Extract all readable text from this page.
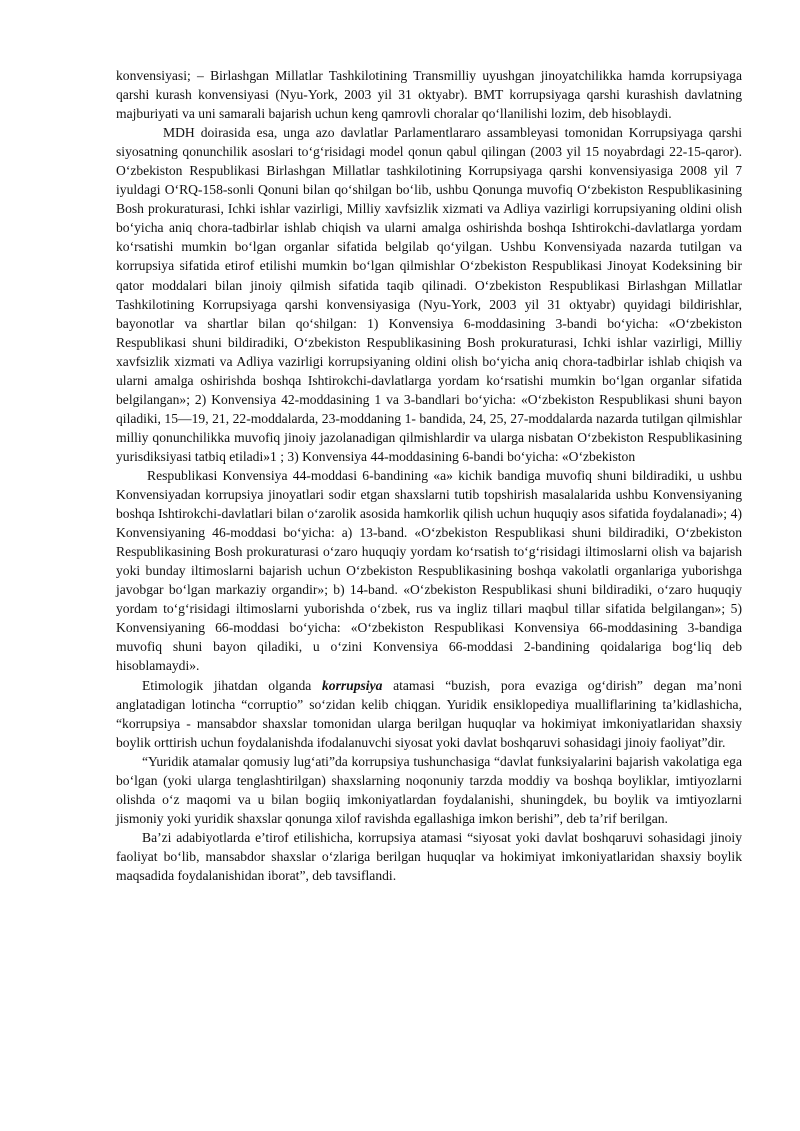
konvensiyasi; – Birlashgan Millatlar Tashkilotining Transmilliy uyushgan jinoyatchilikka hamda korrupsiyaga qarshi kurash konvensiyasi (Nyu-York, 2003 yil 31 oktyabr). BMT korrupsiyaga qarshi kurashish davlatning majburiyati va uni samarali bajarish uchun keng qamrovli choralar qo‘llanilishi lozim, deb hisoblaydi.

MDH doirasida esa, unga azo davlatlar Parlamentlararo assambleyasi tomonidan Korrupsiyaga qarshi siyosatning qonunchilik asoslari to‘g‘risidagi model qonun qabul qilingan (2003 yil 15 noyabrdagi 22-15-qaror). O‘zbekiston Respublikasi Birlashgan Millatlar tashkilotining Korrupsiyaga qarshi konvensiyasiga 2008 yil 7 iyuldagi O‘RQ-158-sonli Qonuni bilan qo‘shilgan bo‘lib, ushbu Qonunga muvofiq O‘zbekiston Respublikasining Bosh prokuraturasi, Ichki ishlar vazirligi, Milliy xavfsizlik xizmati va Adliya vazirligi korrupsiyaning oldini olish bo‘yicha aniq chora-tadbirlar ishlab chiqish va ularni amalga oshirishda boshqa Ishtirokchi-davlatlarga yordam ko‘rsatishi mumkin bo‘lgan organlar sifatida belgilab qo‘yilgan. Ushbu Konvensiyada nazarda tutilgan va korrupsiya sifatida etirof etilishi mumkin bo‘lgan qilmishlar O‘zbekiston Respublikasi Jinoyat Kodeksining bir qator moddalari bilan jinoiy qilmish sifatida taqib qilinadi. O‘zbekiston Respublikasi Birlashgan Millatlar Tashkilotining Korrupsiyaga qarshi konvensiyasiga (Nyu-York, 2003 yil 31 oktyabr) quyidagi bildirishlar, bayonotlar va shartlar bilan qo‘shilgan: 1) Konvensiya 6-moddasining 3-bandi bo‘yicha: «O‘zbekiston Respublikasi shuni bildiradiki, O‘zbekiston Respublikasining Bosh prokuraturasi, Ichki ishlar vazirligi, Milliy xavfsizlik xizmati va Adliya vazirligi korrupsiyaning oldini olish bo‘yicha aniq chora-tadbirlar ishlab chiqish va ularni amalga oshirishda boshqa Ishtirokchi-davlatlarga yordam ko‘rsatishi mumkin bo‘lgan organlar sifatida belgilangan»; 2) Konvensiya 42-moddasining 1 va 3-bandlari bo‘yicha: «O‘zbekiston Respublikasi shuni bayon qiladiki, 15—19, 21, 22-moddalarda, 23-moddaning 1- bandida, 24, 25, 27-moddalarda nazarda tutilgan qilmishlar milliy qonunchilikka muvofiq jinoiy jazolanadigan qilmishlardir va ularga nisbatan O‘zbekiston Respublikasining yurisdiksiyasi tatbiq etiladi»1 ; 3) Konvensiya 44-moddasining 6-bandi bo‘yicha: «O‘zbekiston

Respublikasi Konvensiya 44-moddasi 6-bandining «a» kichik bandiga muvofiq shuni bildiradiki, u ushbu Konvensiyadan korrupsiya jinoyatlari sodir etgan shaxslarni tutib topshirish masalalarida ushbu Konvensiyaning boshqa Ishtirokchi-davlatlari bilan o‘zarolik asosida hamkorlik qilish uchun huquqiy asos sifatida foydalanadi»; 4) Konvensiyaning 46-moddasi bo‘yicha: a) 13-band. «O‘zbekiston Respublikasi shuni bildiradiki, O‘zbekiston Respublikasining Bosh prokuraturasi o‘zaro huquqiy yordam ko‘rsatish to‘g‘risidagi iltimoslarni olish va bajarish yoki bunday iltimoslarni bajarish uchun O‘zbekiston Respublikasining boshqa vakolatli organlariga yuborishga javobgar bo‘lgan markaziy organdir»; b) 14-band. «O‘zbekiston Respublikasi shuni bildiradiki, o‘zaro huquqiy yordam to‘g‘risidagi iltimoslarni yuborishda o‘zbek, rus va ingliz tillari maqbul tillar sifatida belgilangan»; 5) Konvensiyaning 66-moddasi bo‘yicha: «O‘zbekiston Respublikasi Konvensiya 66-moddasining 3-bandiga muvofiq shuni bayon qiladiki, u o‘zini Konvensiya 66-moddasi 2-bandining qoidalariga bog‘liq deb hisoblamaydi».

Etimologik jihatdan olganda korrupsiya atamasi “buzish, pora evaziga og‘dirish” degan ma’noni anglatadigan lotincha “corruptio” so‘zidan kelib chiqgan. Yuridik ensiklopediya mualliflarining ta’kidlashicha, “korrupsiya - mansabdor shaxslar tomonidan ularga berilgan huquqlar va hokimiyat imkoniyatlaridan shaxsiy boylik orttirish uchun foydalanishda ifodalanuvchi siyosat yoki davlat boshqaruvi sohasidagi jinoiy faoliyat”dir.

“Yuridik atamalar qomusiy lug‘ati”da korrupsiya tushunchasiga “davlat funksiyalarini bajarish vakolatiga ega bo‘lgan (yoki ularga tenglashtirilgan) shaxslarning noqonuniy tarzda moddiy va boshqa boyliklar, imtiyozlarni olishda o‘z maqomi va u bilan bogiiq imkoniyatlardan foydalanishi, shuningdek, bu boylik va imtiyozlarni jismoniy yoki yuridik shaxslar qonunga xilof ravishda egallashiga imkon berishi”, deb ta’rif berilgan.

Ba’zi adabiyotlarda e’tirof etilishicha, korrupsiya atamasi “siyosat yoki davlat boshqaruvi sohasidagi jinoiy faoliyat bo‘lib, mansabdor shaxslar o‘zlariga berilgan huquqlar va hokimiyat imkoniyatlaridan shaxsiy boylik maqsadida foydalanishidan iborat”, deb tavsiflandi.
